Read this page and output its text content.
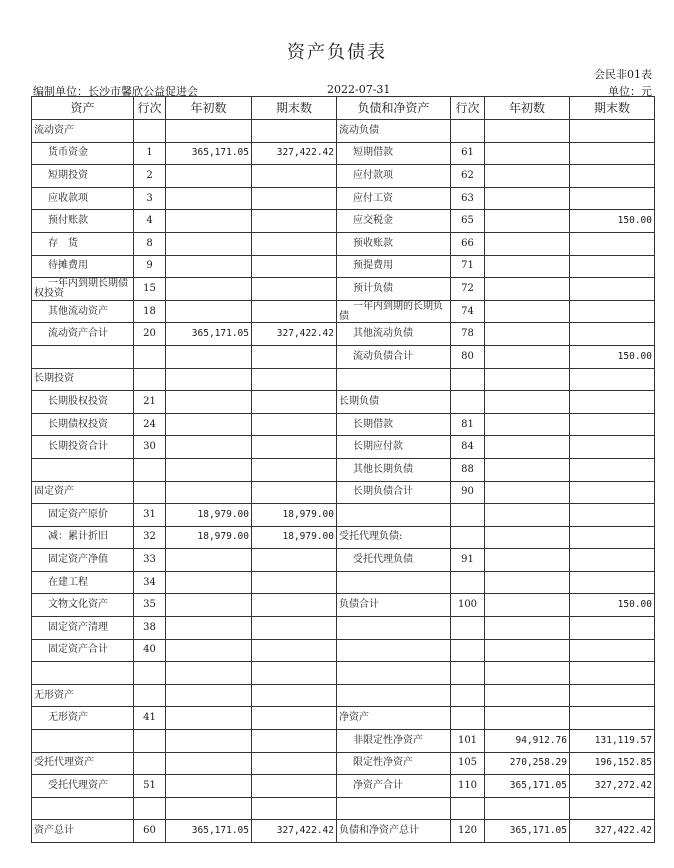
资产负债表
会民非01表
编制单位：长沙市馨欣公益促进会	2022-07-31	单位：元
资产	行次	年初数	期末数	负债和净资产	行次	年初数	期末数
流动资产				流动负债			
货币资金	1	365,171.05	327,422.42	短期借款	61		
短期投资	2			应付款项	62		
应收款项	3			应付工资	63		
预付账款	4			应交税金	65		150.00
存　货	8			预收账款	66		
待摊费用	9			预提费用	71		
一年内到期长期债权投资	15			预计负债	72		
其他流动资产	18			一年内到期的长期负债	74		
流动资产合计	20	365,171.05	327,422.42	其他流动负债	78		
				流动负债合计	80		150.00
长期投资							
长期股权投资	21			长期负债			
长期债权投资	24			长期借款	81		
长期投资合计	30			长期应付款	84		
				其他长期负债	88		
固定资产				长期负债合计	90		
固定资产原价	31	18,979.00	18,979.00				
减：累计折旧	32	18,979.00	18,979.00	受托代理负债:			
固定资产净值	33			受托代理负债	91		
在建工程	34						
文物文化资产	35			负债合计	100		150.00
固定资产清理	38						
固定资产合计	40						

无形资产							
无形资产	41			净资产			
				非限定性净资产	101	94,912.76	131,119.57
受托代理资产				限定性净资产	105	270,258.29	196,152.85
受托代理资产	51			净资产合计	110	365,171.05	327,272.42

资产总计	60	365,171.05	327,422.42	负债和净资产总计	120	365,171.05	327,422.42
